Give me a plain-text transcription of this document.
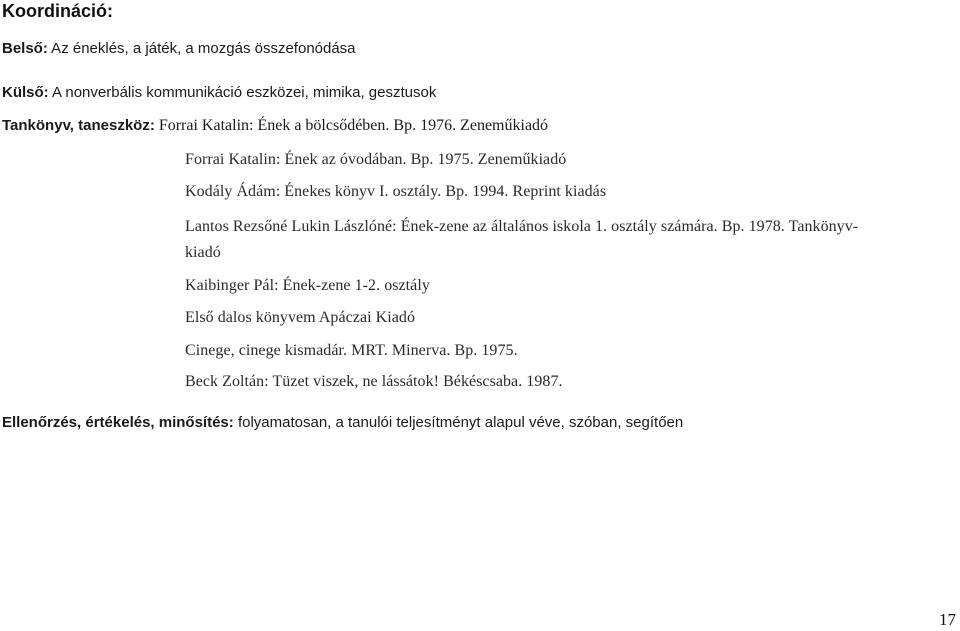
Koordináció:
Belső: Az éneklés, a játék, a mozgás összefonódása
Külső: A nonverbális kommunikáció eszközei, mimika, gesztusok
Tankönyv, taneszköz: Forrai Katalin: Ének a bölcsődében. Bp. 1976. Zeneműkiadó
Forrai Katalin: Ének az óvodában. Bp. 1975. Zeneműkiadó
Kodály Ádám: Énekes könyv I. osztály. Bp. 1994. Reprint kiadás
Lantos Rezsőné Lukin Lászlóné: Ének-zene az általános iskola 1. osztály számára. Bp. 1978. Tankönyv-
kiadó
Kaibinger Pál: Ének-zene 1-2. osztály
Első dalos könyvem Apáczai Kiadó
Cinege, cinege kismadár. MRT. Minerva. Bp. 1975.
Beck Zoltán: Tüzet viszek, ne lássátok! Békéscsaba. 1987.
Ellenőrzés, értékelés, minősítés: folyamatosan, a tanulói teljesítményt alapul véve, szóban, segítően
17
